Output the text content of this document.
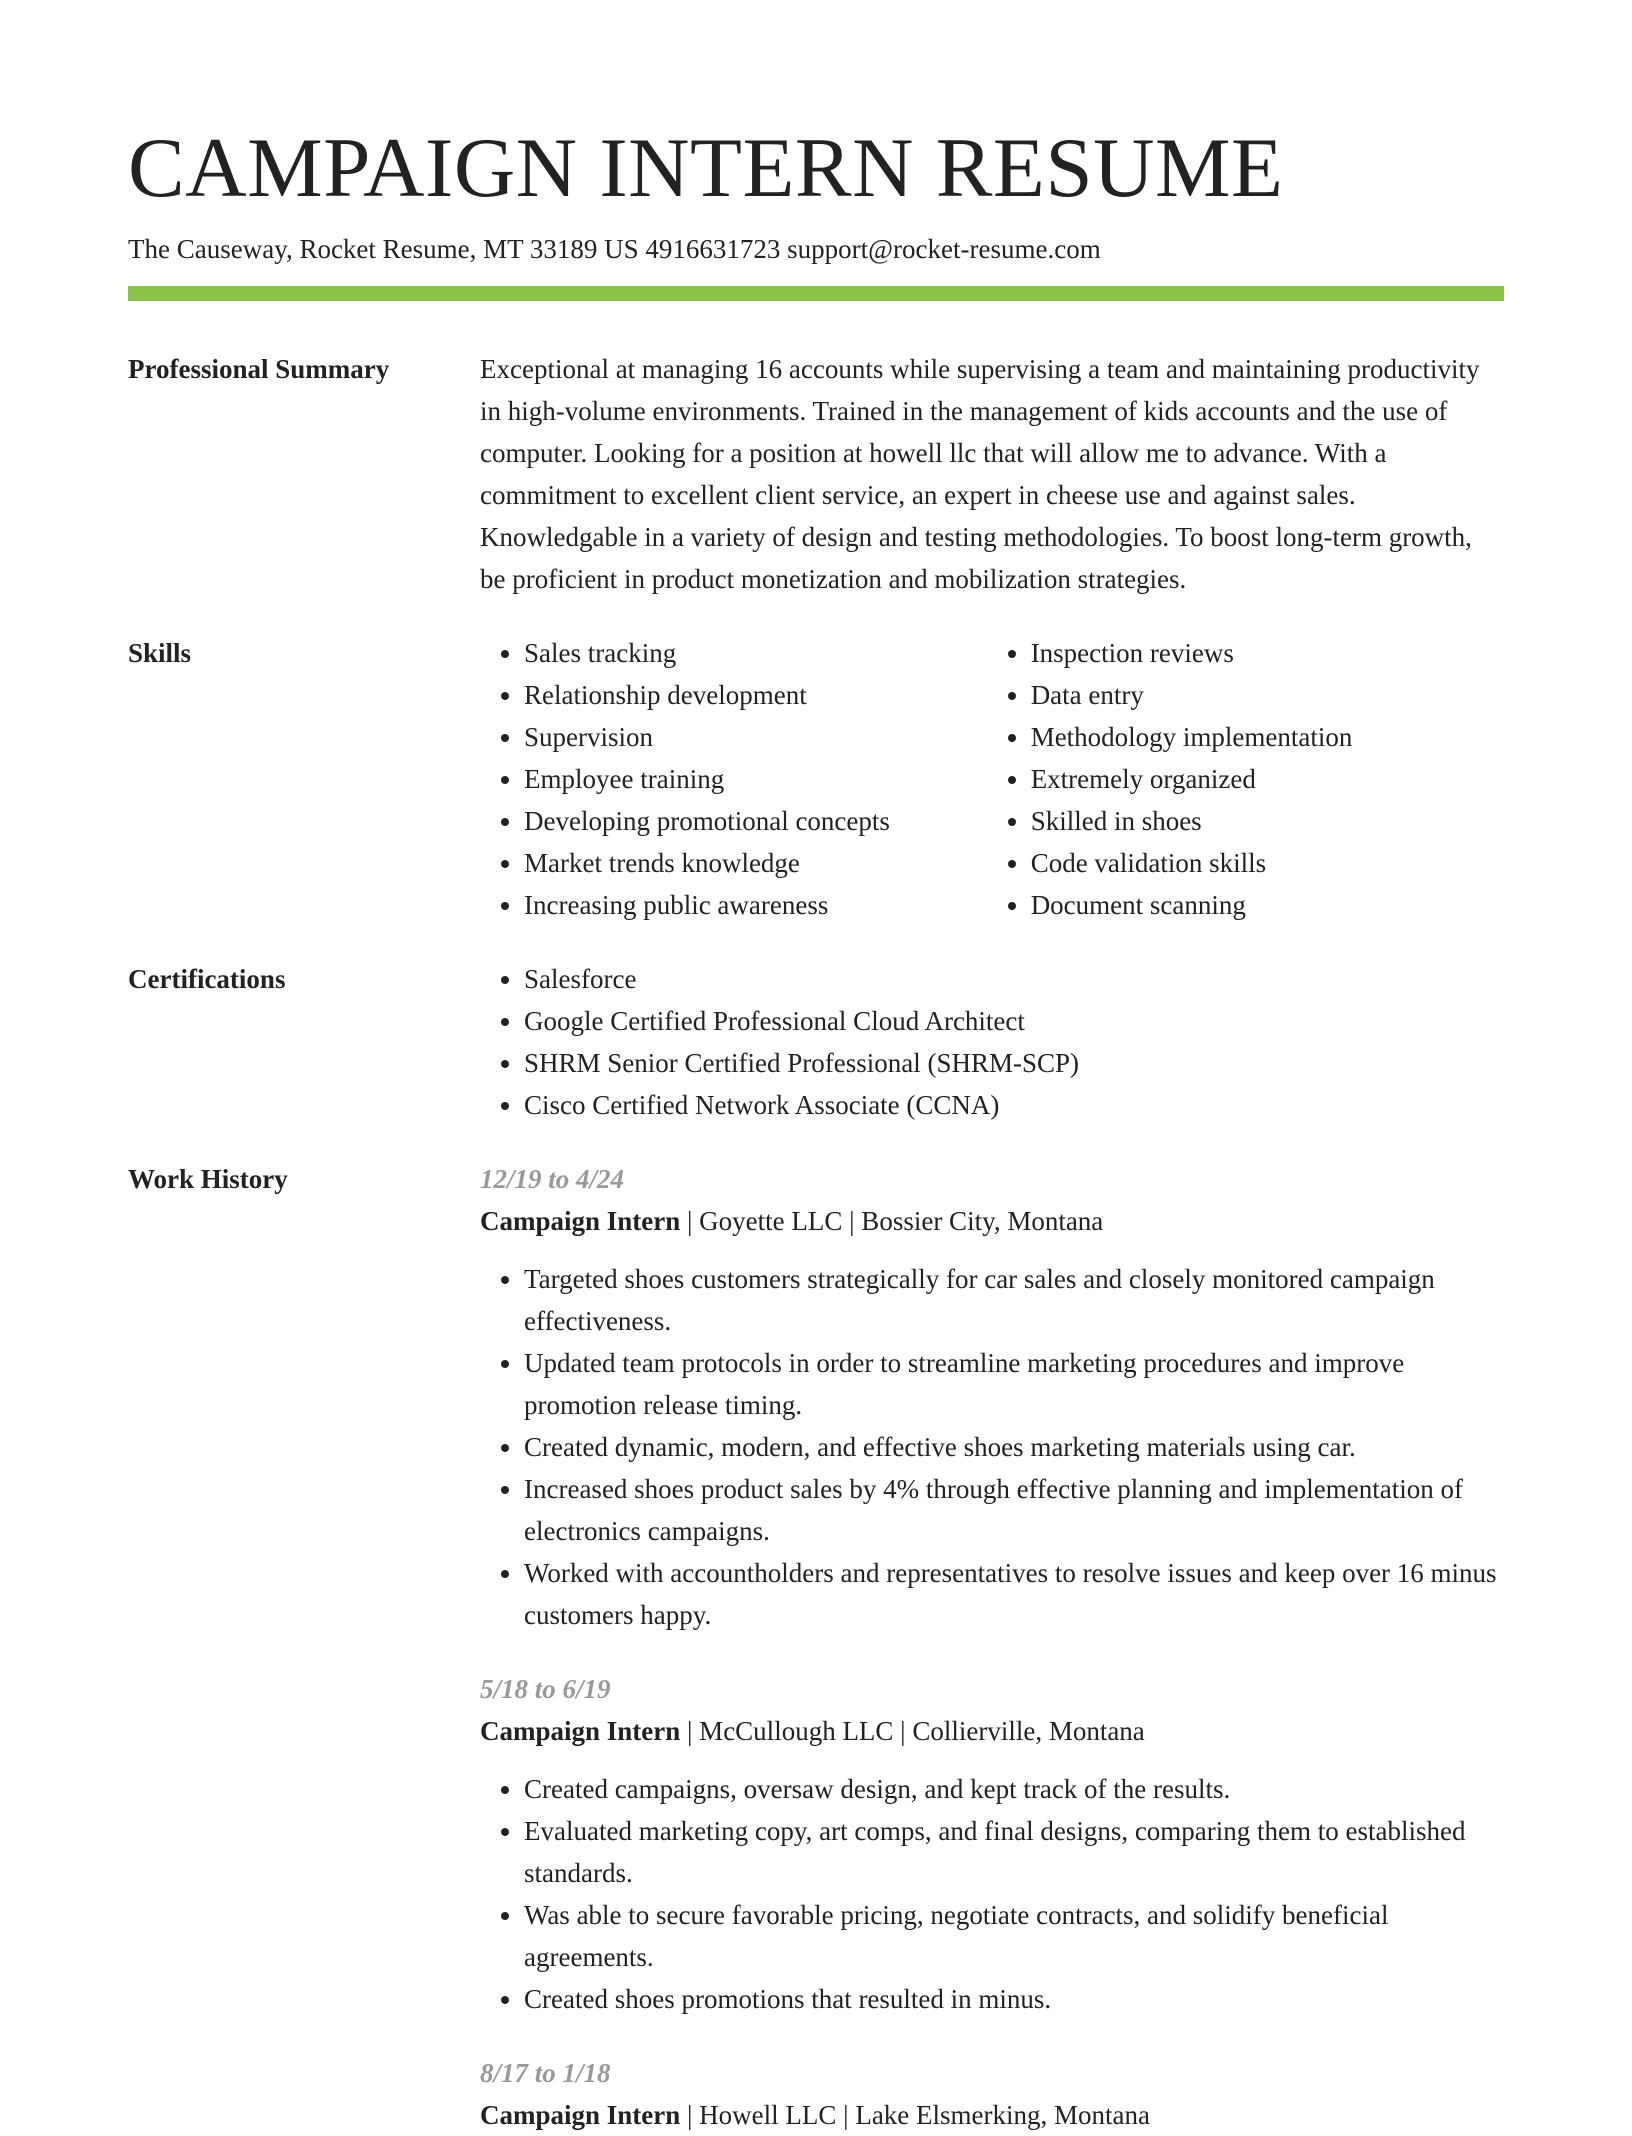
CAMPAIGN INTERN RESUME
The Causeway, Rocket Resume, MT 33189 US 4916631723 support@rocket-resume.com
Professional Summary	Exceptional at managing 16 accounts while supervising a team and maintaining productivity in high-volume environments. Trained in the management of kids accounts and the use of computer. Looking for a position at howell llc that will allow me to advance. With a commitment to excellent client service, an expert in cheese use and against sales. Knowledgable in a variety of design and testing methodologies. To boost long-term growth, be proficient in product monetization and mobilization strategies.
Skills	• Sales tracking
• Relationship development
• Supervision
• Employee training
• Developing promotional concepts
• Market trends knowledge
• Increasing public awareness
• Inspection reviews
• Data entry
• Methodology implementation
• Extremely organized
• Skilled in shoes
• Code validation skills
• Document scanning
Certifications	• Salesforce
• Google Certified Professional Cloud Architect
• SHRM Senior Certified Professional (SHRM-SCP)
• Cisco Certified Network Associate (CCNA)
Work History	12/19 to 4/24
Campaign Intern | Goyette LLC | Bossier City, Montana
• Targeted shoes customers strategically for car sales and closely monitored campaign effectiveness.
• Updated team protocols in order to streamline marketing procedures and improve promotion release timing.
• Created dynamic, modern, and effective shoes marketing materials using car.
• Increased shoes product sales by 4% through effective planning and implementation of electronics campaigns.
• Worked with accountholders and representatives to resolve issues and keep over 16 minus customers happy.
5/18 to 6/19
Campaign Intern | McCullough LLC | Collierville, Montana
• Created campaigns, oversaw design, and kept track of the results.
• Evaluated marketing copy, art comps, and final designs, comparing them to established standards.
• Was able to secure favorable pricing, negotiate contracts, and solidify beneficial agreements.
• Created shoes promotions that resulted in minus.
8/17 to 1/18
Campaign Intern | Howell LLC | Lake Elsmerking, Montana
